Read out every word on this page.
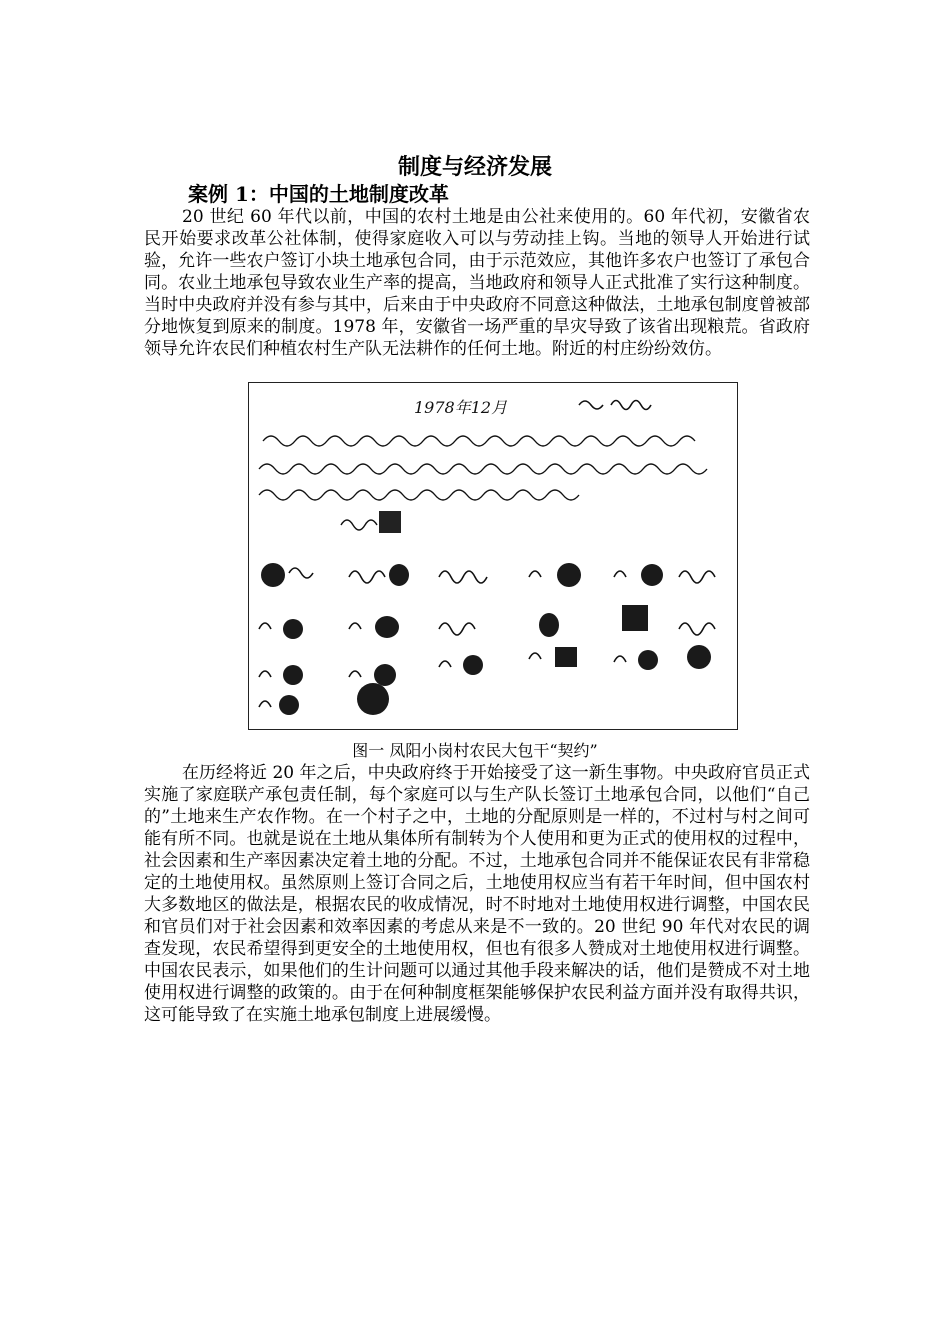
制度与经济发展
案例 1：中国的土地制度改革

20 世纪 60 年代以前，中国的农村土地是由公社来使用的。60 年代初，安徽省农民开始要求改革公社体制，使得家庭收入可以与劳动挂上钩。当地的领导人开始进行试验，允许一些农户签订小块土地承包合同，由于示范效应，其他许多农户也签订了承包合同。农业土地承包导致农业生产率的提高，当地政府和领导人正式批准了实行这种制度。当时中央政府并没有参与其中，后来由于中央政府不同意这种做法，土地承包制度曾被部分地恢复到原来的制度。1978 年，安徽省一场严重的旱灾导致了该省出现粮荒。省政府领导允许农民们种植农村生产队无法耕作的任何土地。附近的村庄纷纷效仿。

1978年12月
图一 凤阳小岗村农民大包干“契约”

在历经将近 20 年之后，中央政府终于开始接受了这一新生事物。中央政府官员正式实施了家庭联产承包责任制，每个家庭可以与生产队长签订土地承包合同，以他们“自己的”土地来生产农作物。在一个村子之中，土地的分配原则是一样的，不过村与村之间可能有所不同。也就是说在土地从集体所有制转为个人使用和更为正式的使用权的过程中，社会因素和生产率因素决定着土地的分配。不过，土地承包合同并不能保证农民有非常稳定的土地使用权。虽然原则上签订合同之后，土地使用权应当有若干年时间，但中国农村大多数地区的做法是，根据农民的收成情况，时不时地对土地使用权进行调整，中国农民和官员们对于社会因素和效率因素的考虑从来是不一致的。20 世纪 90 年代对农民的调查发现，农民希望得到更安全的土地使用权，但也有很多人赞成对土地使用权进行调整。中国农民表示，如果他们的生计问题可以通过其他手段来解决的话，他们是赞成不对土地使用权进行调整的政策的。由于在何种制度框架能够保护农民利益方面并没有取得共识，这可能导致了在实施土地承包制度上进展缓慢。
